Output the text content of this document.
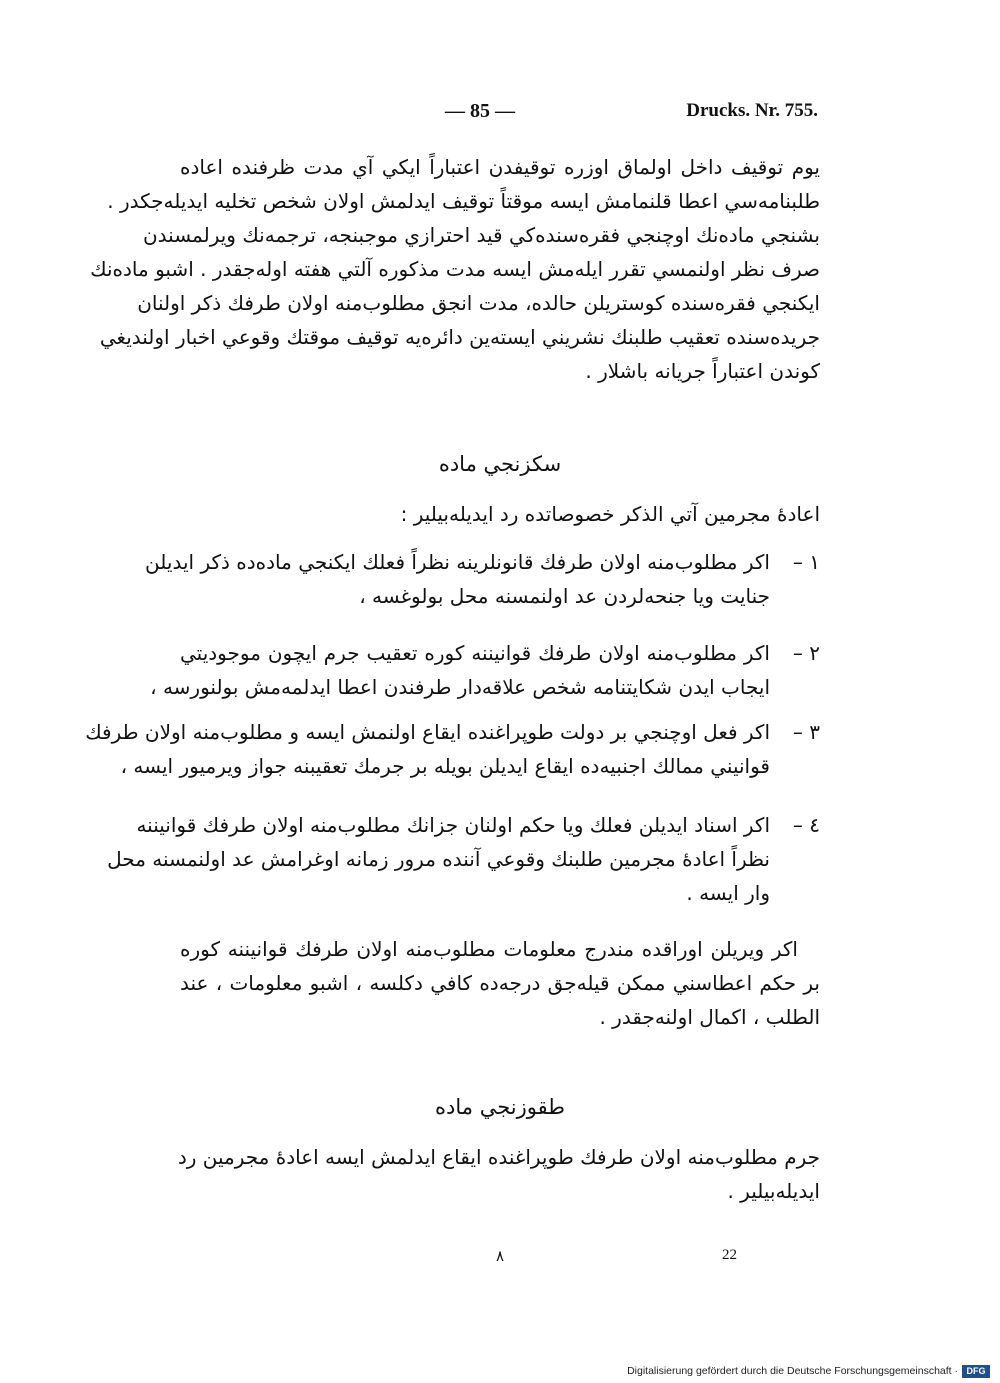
— 85 —	Drucks. Nr. 755.
يوم توقيف داخل اولماق اوزره توقيفدن اعتباراً ايكي آي مدت ظرفنده اعاده
طلبنامه‌سي اعطا قلنمامش ايسه موقتاً توقيف ايدلمش اولان شخص تخليه ايديله‌جكدر .
بشنجي ماده‌نك اوچنجي فقره‌سنده‌كي قيد احترازي موجبنجه، ترجمه‌نك ويرلمسندن
صرف نظر اولنمسي تقرر ايله‌مش ايسه مدت مذكوره آلتي هفته اوله‌جقدر . اشبو ماده‌نك
ايكنجي فقره‌سنده كوستريلن حالده، مدت انجق مطلوب‌منه اولان طرفك ذكر اولنان
جريده‌سنده تعقيب طلبنك نشريني ايسته‌ين دائره‌يه توقيف موقتك وقوعي اخبار اولنديغي
كوندن اعتباراً جريانه باشلار .
سكزنجي ماده
اعادهٔ مجرمين آتي الذكر خصوصاتده رد ايديله‌بيلير :
١ –
اكر مطلوب‌منه اولان طرفك قانونلرينه نظراً فعلك ايكنجي ماده‌ده ذكر ايديلن
جنايت ويا جنحه‌لردن عد اولنمسنه محل بولوغسه ،
٢ –
اكر مطلوب‌منه اولان طرفك قوانيننه كوره تعقيب جرم ايچون موجوديتي
ايجاب ايدن شكايتنامه شخص علاقه‌دار طرفندن اعطا ايدلمه‌مش بولنورسه ،
٣ –
اكر فعل اوچنجي بر دولت طوپراغنده ايقاع اولنمش ايسه و مطلوب‌منه اولان طرفك
قوانيني ممالك اجنبيه‌ده ايقاع ايديلن بويله بر جرمك تعقيبنه جواز ويرميور ايسه ،
٤ –
اكر اسناد ايديلن فعلك ويا حكم اولنان جزانك مطلوب‌منه اولان طرفك قوانيننه
نظراً اعادهٔ مجرمين طلبنك وقوعي آننده مرور زمانه اوغرامش عد اولنمسنه محل
وار ايسه .
اكر ويريلن اوراقده مندرج معلومات مطلوب‌منه اولان طرفك قوانيننه كوره
بر حكم اعطاسني ممكن قيله‌جق درجه‌ده كافي دكلسه ، اشبو معلومات ، عند
الطلب ، اكمال اولنه‌جقدر .
طقوزنجي ماده
جرم مطلوب‌منه اولان طرفك طوپراغنده ايقاع ايدلمش ايسه اعادهٔ مجرمين رد
ايديله‌بيلير .
٨	22
Digitalisierung gefördert durch die Deutsche Forschungsgemeinschaft · DFG
